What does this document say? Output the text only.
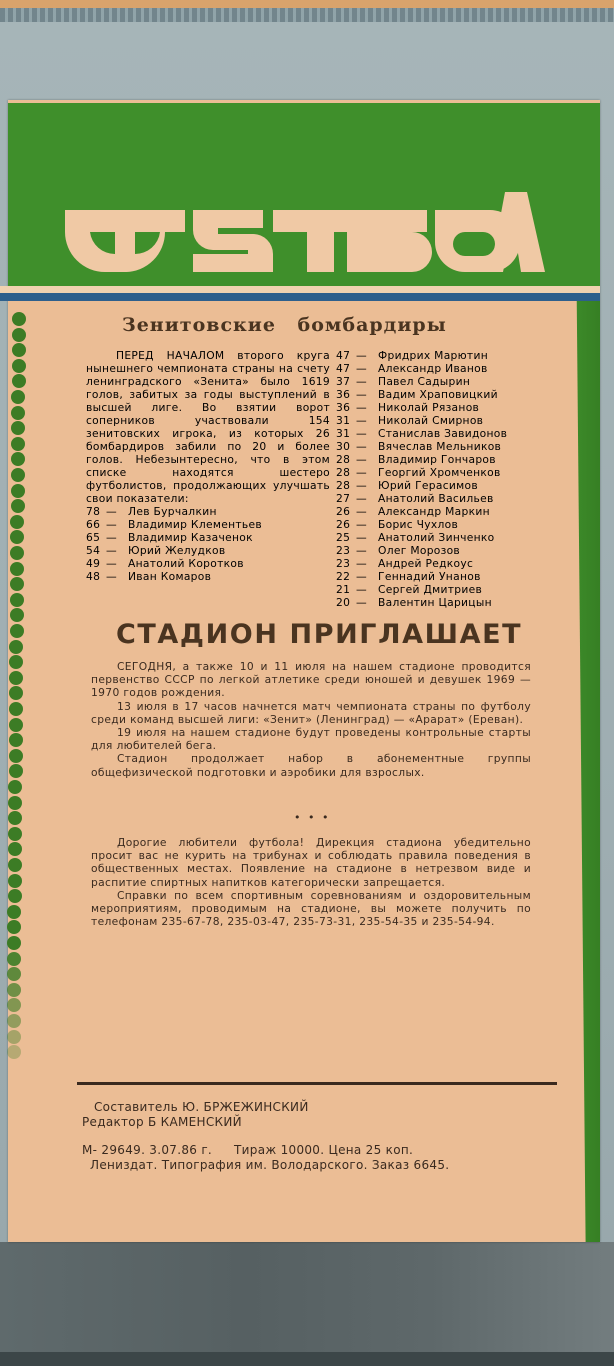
Зенитовские бомбардиры

ПЕРЕД НАЧАЛОМ второго круга нынешнего чемпионата страны на счету ленинградского «Зенита» было 1619 голов, забитых за годы выступлений в высшей лиге. Во взятии ворот соперников участвовали 154 зенитовских игрока, из которых 26 бомбардиров забили по 20 и более голов. Небезынтересно, что в этом списке находятся шестеро футболистов, продолжающих улучшать свои показатели:

78 — Лев Бурчалкин
66 — Владимир Клементьев
65 — Владимир Казаченок
54 — Юрий Желудков
49 — Анатолий Коротков
48 — Иван Комаров
47 — Фридрих Марютин
47 — Александр Иванов
37 — Павел Садырин
36 — Вадим Храповицкий
36 — Николай Рязанов
31 — Николай Смирнов
31 — Станислав Завидонов
30 — Вячеслав Мельников
28 — Владимир Гончаров
28 — Георгий Хромченков
28 — Юрий Герасимов
27 — Анатолий Васильев
26 — Александр Маркин
26 — Борис Чухлов
25 — Анатолий Зинченко
23 — Олег Морозов
23 — Андрей Редкоус
22 — Геннадий Унанов
21 — Сергей Дмитриев
20 — Валентин Царицын
СТАДИОН ПРИГЛАШАЕТ

СЕГОДНЯ, а также 10 и 11 июля на нашем стадионе проводится первенство СССР по легкой атлетике среди юношей и девушек 1969 — 1970 годов рождения.

13 июля в 17 часов начнется матч чемпионата страны по футболу среди команд высшей лиги: «Зенит» (Ленинград) — «Арарат» (Ереван).

19 июля на нашем стадионе будут проведены контрольные старты для любителей бега.

Стадион продолжает набор в абонементные группы общефизической подготовки и аэробики для взрослых.

• • •

Дорогие любители футбола! Дирекция стадиона убедительно просит вас не курить на трибунах и соблюдать правила поведения в общественных местах. Появление на стадионе в нетрезвом виде и распитие спиртных напитков категорически запрещается.

Справки по всем спортивным соревнованиям и оздоровительным мероприятиям, проводимым на стадионе, вы можете получить по телефонам 235-67-78, 235-03-47, 235-73-31, 235-54-35 и 235-54-94.

Составитель Ю. БРЖЕЖИНСКИЙ
Редактор Б КАМЕНСКИЙ
М- 29649. 3.07.86 г. Тираж 10000. Цена 25 коп.
Лениздат. Типография им. Володарского. Заказ 6645.
